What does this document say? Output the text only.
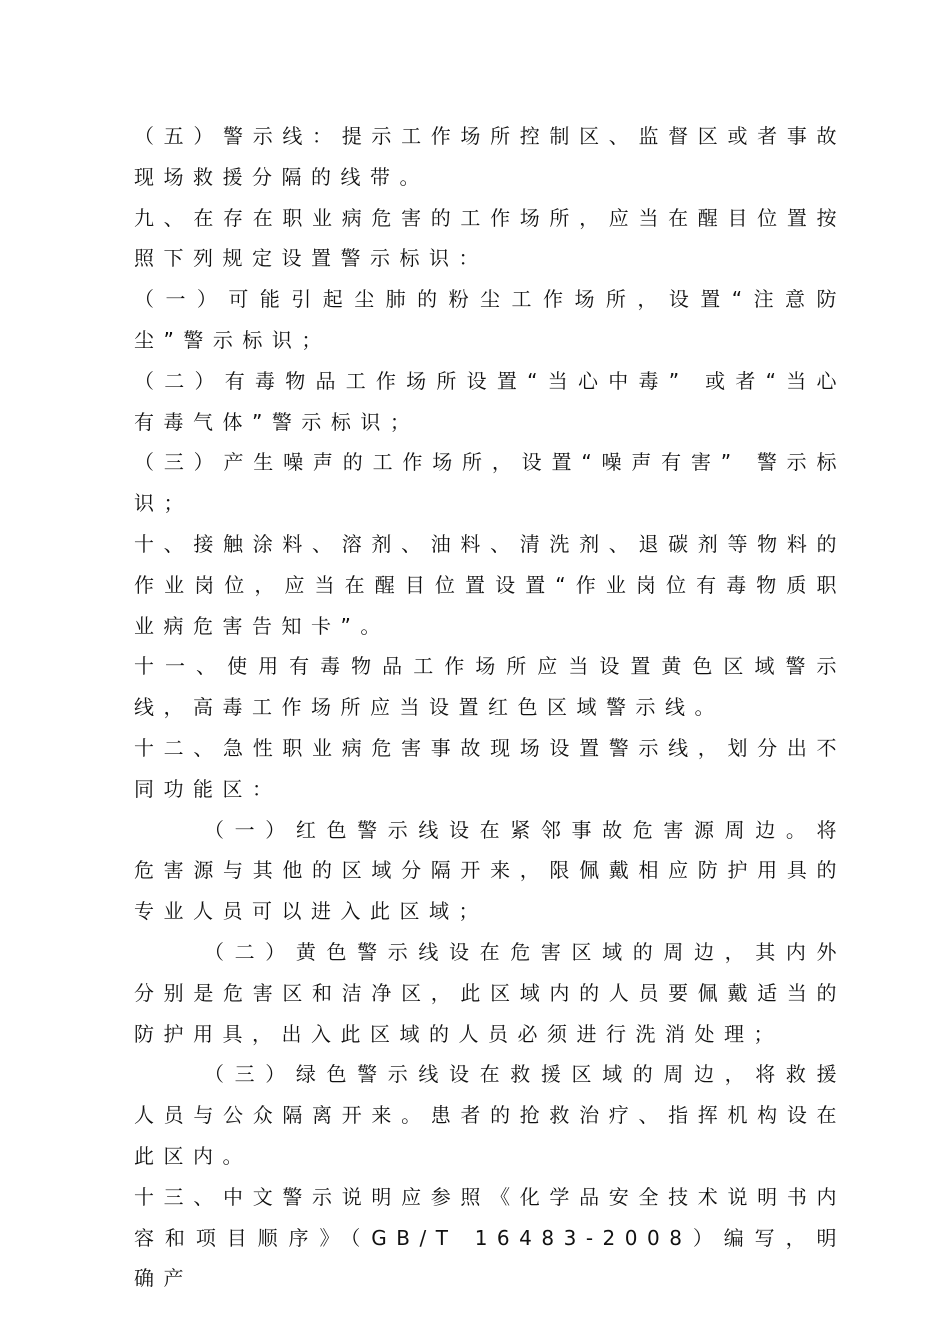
（五）警示线：提示工作场所控制区、监督区或者事故现场救援分隔的线带。

九、在存在职业病危害的工作场所，应当在醒目位置按照下列规定设置警示标识：

（一）可能引起尘肺的粉尘工作场所，设置“注意防尘”警示标识；

（二）有毒物品工作场所设置“当心中毒” 或者“当心有毒气体”警示标识；

（三）产生噪声的工作场所，设置“噪声有害” 警示标识；

十、接触涂料、溶剂、油料、清洗剂、退碳剂等物料的作业岗位，应当在醒目位置设置“作业岗位有毒物质职业病危害告知卡”。

十一、使用有毒物品工作场所应当设置黄色区域警示线，高毒工作场所应当设置红色区域警示线。

十二、急性职业病危害事故现场设置警示线，划分出不同功能区：

（一）红色警示线设在紧邻事故危害源周边。将危害源与其他的区域分隔开来，限佩戴相应防护用具的专业人员可以进入此区域；

（二）黄色警示线设在危害区域的周边，其内外分别是危害区和洁净区，此区域内的人员要佩戴适当的防护用具，出入此区域的人员必须进行洗消处理；

（三）绿色警示线设在救援区域的周边，将救援人员与公众隔离开来。患者的抢救治疗、指挥机构设在此区内。

十三、中文警示说明应参照《化学品安全技术说明书内容和项目顺序》（GB/T 16483-2008）编写，明确产
